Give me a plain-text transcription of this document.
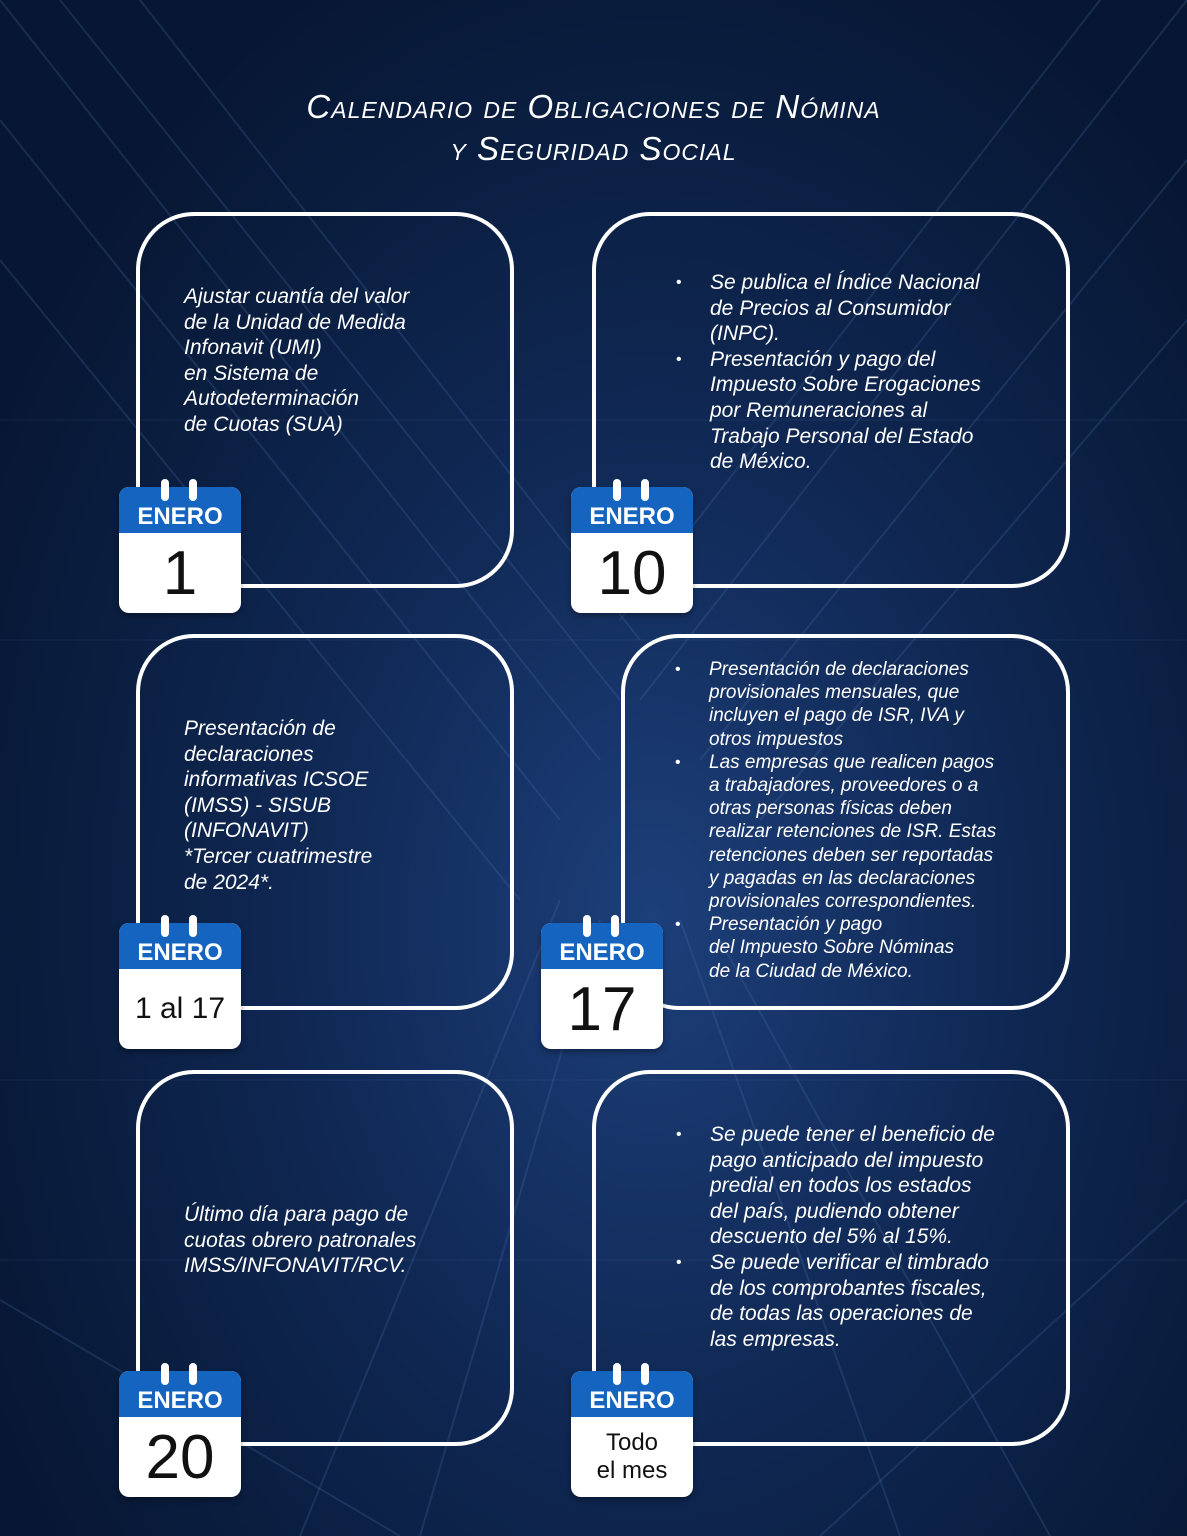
Calendario de Obligaciones de Nómina
y Seguridad Social
Ajustar cuantía del valor
de la Unidad de Medida
Infonavit (UMI)
en Sistema de
Autodeterminación
de Cuotas (SUA)
ENERO
1
• Se publica el Índice Nacional
de Precios al Consumidor
(INPC).
• Presentación y pago del
Impuesto Sobre Erogaciones
por Remuneraciones al
Trabajo Personal del Estado
de México.
ENERO
10
Presentación de
declaraciones
informativas ICSOE
(IMSS) - SISUB
(INFONAVIT)
*Tercer cuatrimestre
de 2024*.
ENERO
1 al 17
• Presentación de declaraciones
provisionales mensuales, que
incluyen el pago de ISR, IVA y
otros impuestos
• Las empresas que realicen pagos
a trabajadores, proveedores o a
otras personas físicas deben
realizar retenciones de ISR. Estas
retenciones deben ser reportadas
y pagadas en las declaraciones
provisionales correspondientes.
• Presentación y pago
del Impuesto Sobre Nóminas
de la Ciudad de México.
ENERO
17
Último día para pago de
cuotas obrero patronales
IMSS/INFONAVIT/RCV.
ENERO
20
• Se puede tener el beneficio de
pago anticipado del impuesto
predial en todos los estados
del país, pudiendo obtener
descuento del 5% al 15%.
• Se puede verificar el timbrado
de los comprobantes fiscales,
de todas las operaciones de
las empresas.
ENERO
Todo
el mes
